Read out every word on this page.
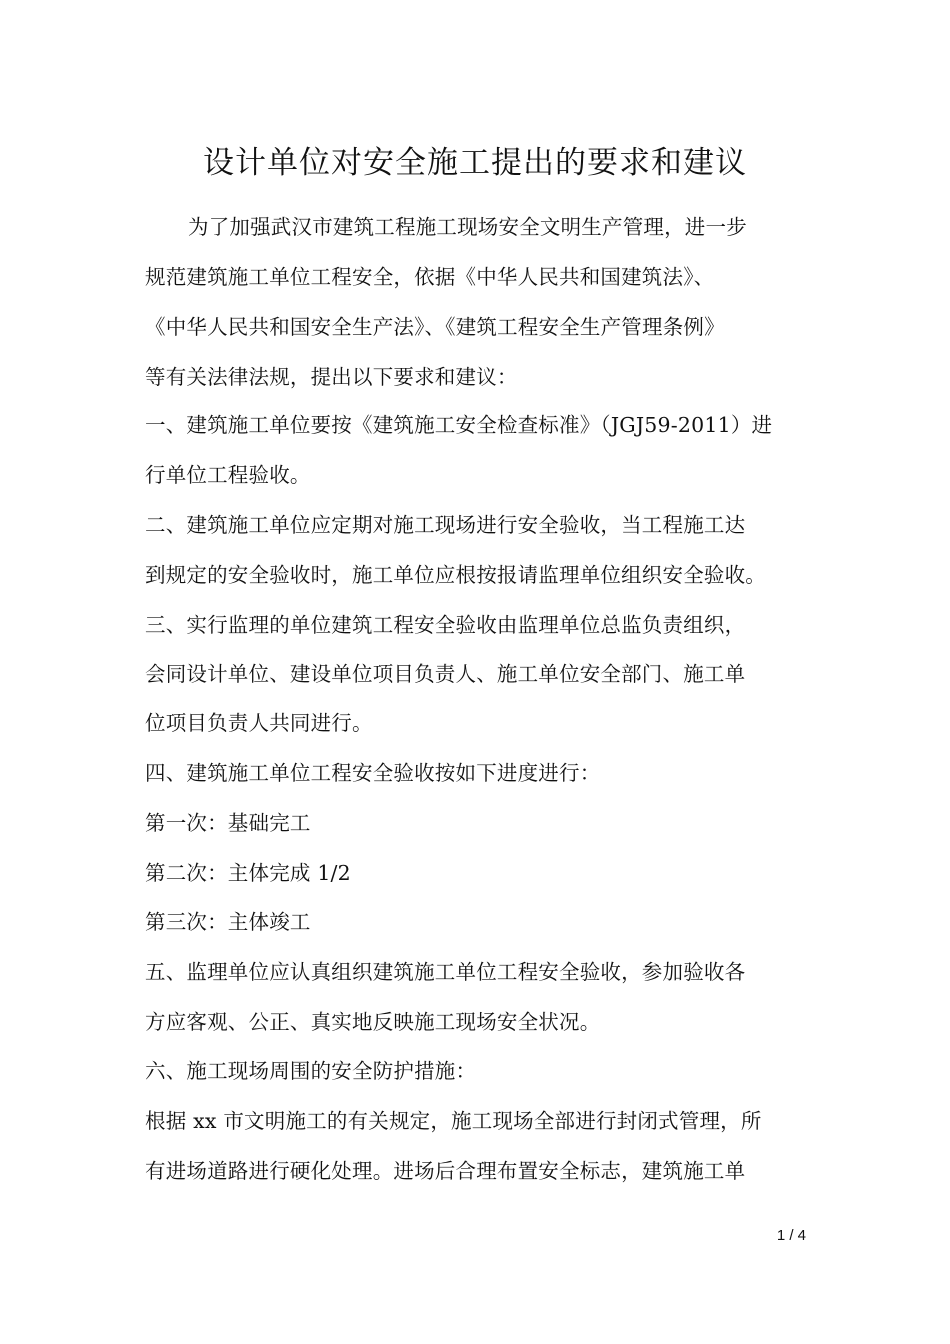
设计单位对安全施工提出的要求和建议
为了加强武汉市建筑工程施工现场安全文明生产管理，进一步
规范建筑施工单位工程安全，依据《中华人民共和国建筑法》、
《中华人民共和国安全生产法》、《建筑工程安全生产管理条例》
等有关法律法规，提出以下要求和建议：
一、建筑施工单位要按《建筑施工安全检查标准》（JGJ59-2011）进
行单位工程验收。
二、建筑施工单位应定期对施工现场进行安全验收，当工程施工达
到规定的安全验收时，施工单位应根按报请监理单位组织安全验收。
三、实行监理的单位建筑工程安全验收由监理单位总监负责组织，
会同设计单位、建设单位项目负责人、施工单位安全部门、施工单
位项目负责人共同进行。
四、建筑施工单位工程安全验收按如下进度进行：
第一次：基础完工
第二次：主体完成 1/2
第三次：主体竣工
五、监理单位应认真组织建筑施工单位工程安全验收，参加验收各
方应客观、公正、真实地反映施工现场安全状况。
六、施工现场周围的安全防护措施：
根据 xx 市文明施工的有关规定，施工现场全部进行封闭式管理，所
有进场道路进行硬化处理。进场后合理布置安全标志，建筑施工单
1 / 4
